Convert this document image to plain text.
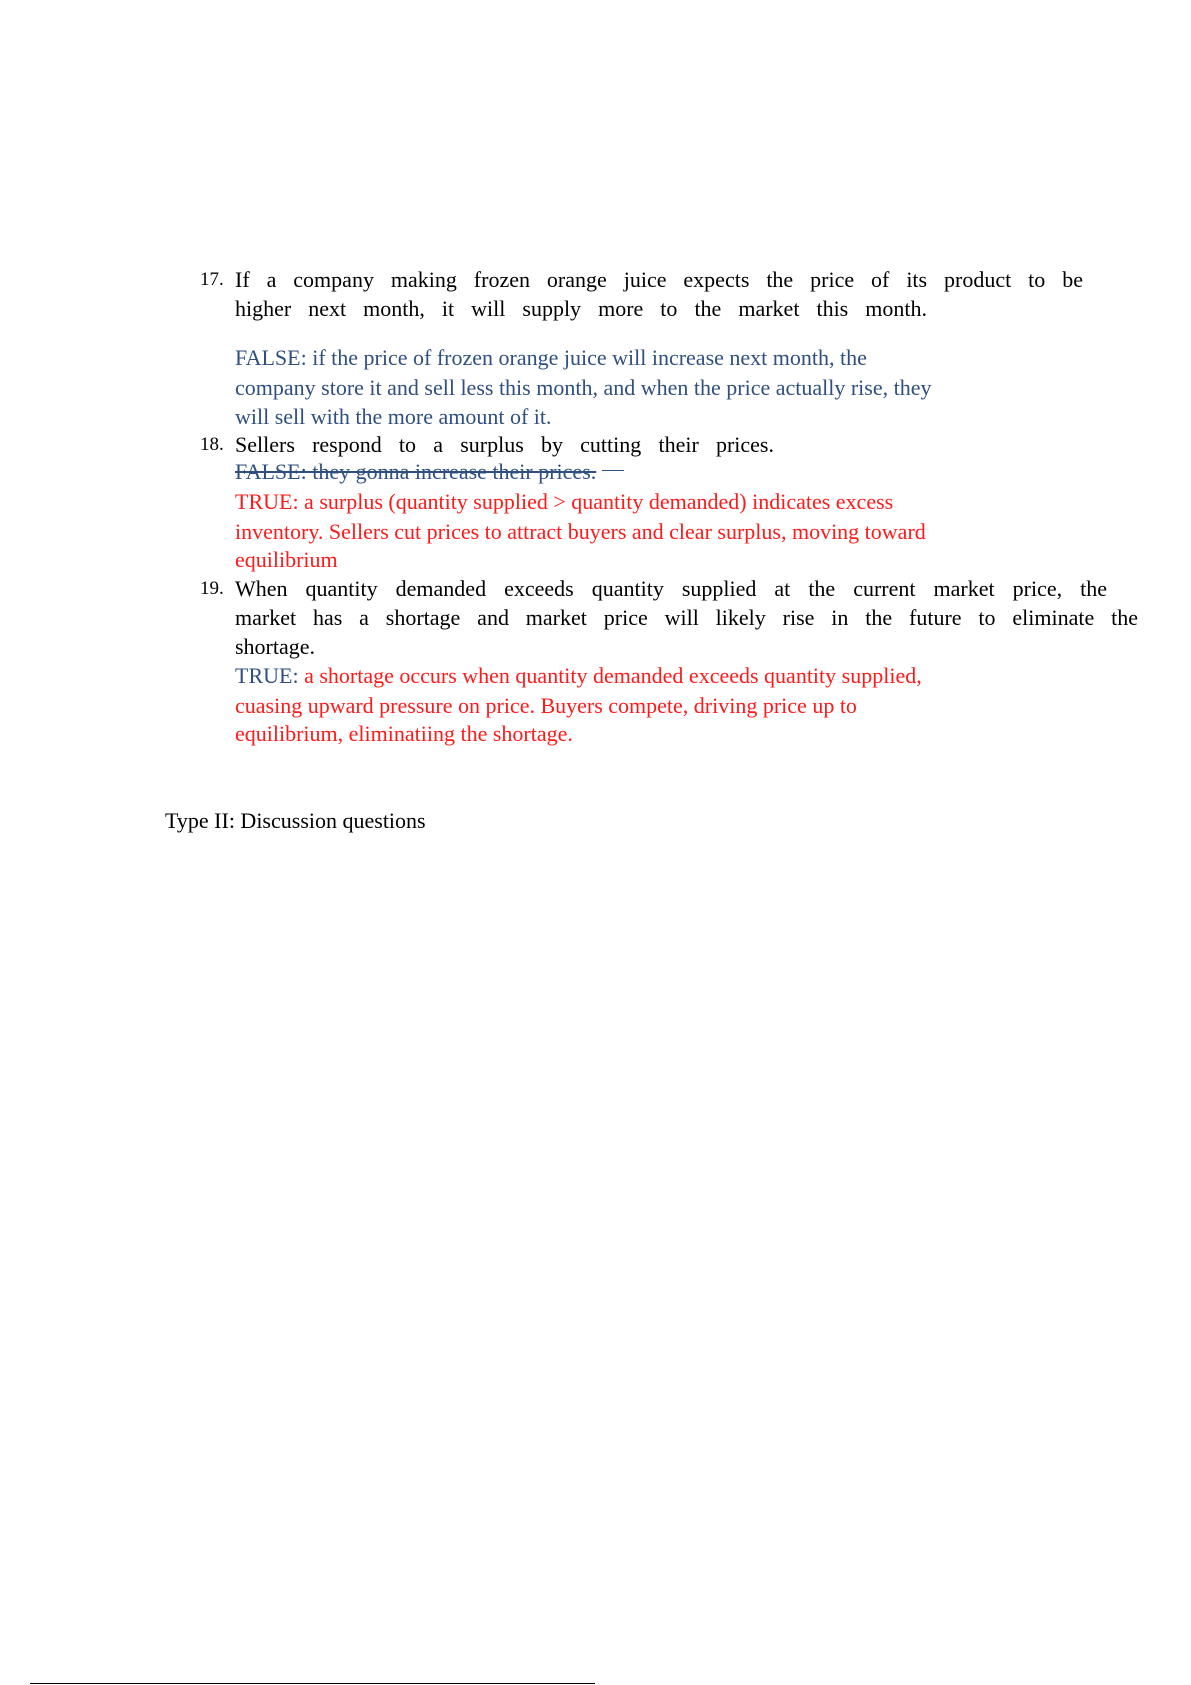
17. If a company making frozen orange juice expects the price of its product to be
higher next month, it will supply more to the market this month.
FALSE: if the price of frozen orange juice will increase next month, the
company store it and sell less this month, and when the price actually rise, they
will sell with the more amount of it.
18. Sellers respond to a surplus by cutting their prices.
FALSE: they gonna increase their prices.
TRUE: a surplus (quantity supplied > quantity demanded) indicates excess
inventory. Sellers cut prices to attract buyers and clear surplus, moving toward
equilibrium
19. When quantity demanded exceeds quantity supplied at the current market price, the
market has a shortage and market price will likely rise in the future to eliminate the
shortage.
TRUE: a shortage occurs when quantity demanded exceeds quantity supplied,
cuasing upward pressure on price. Buyers compete, driving price up to
equilibrium, eliminatiing the shortage.
Type II: Discussion questions
